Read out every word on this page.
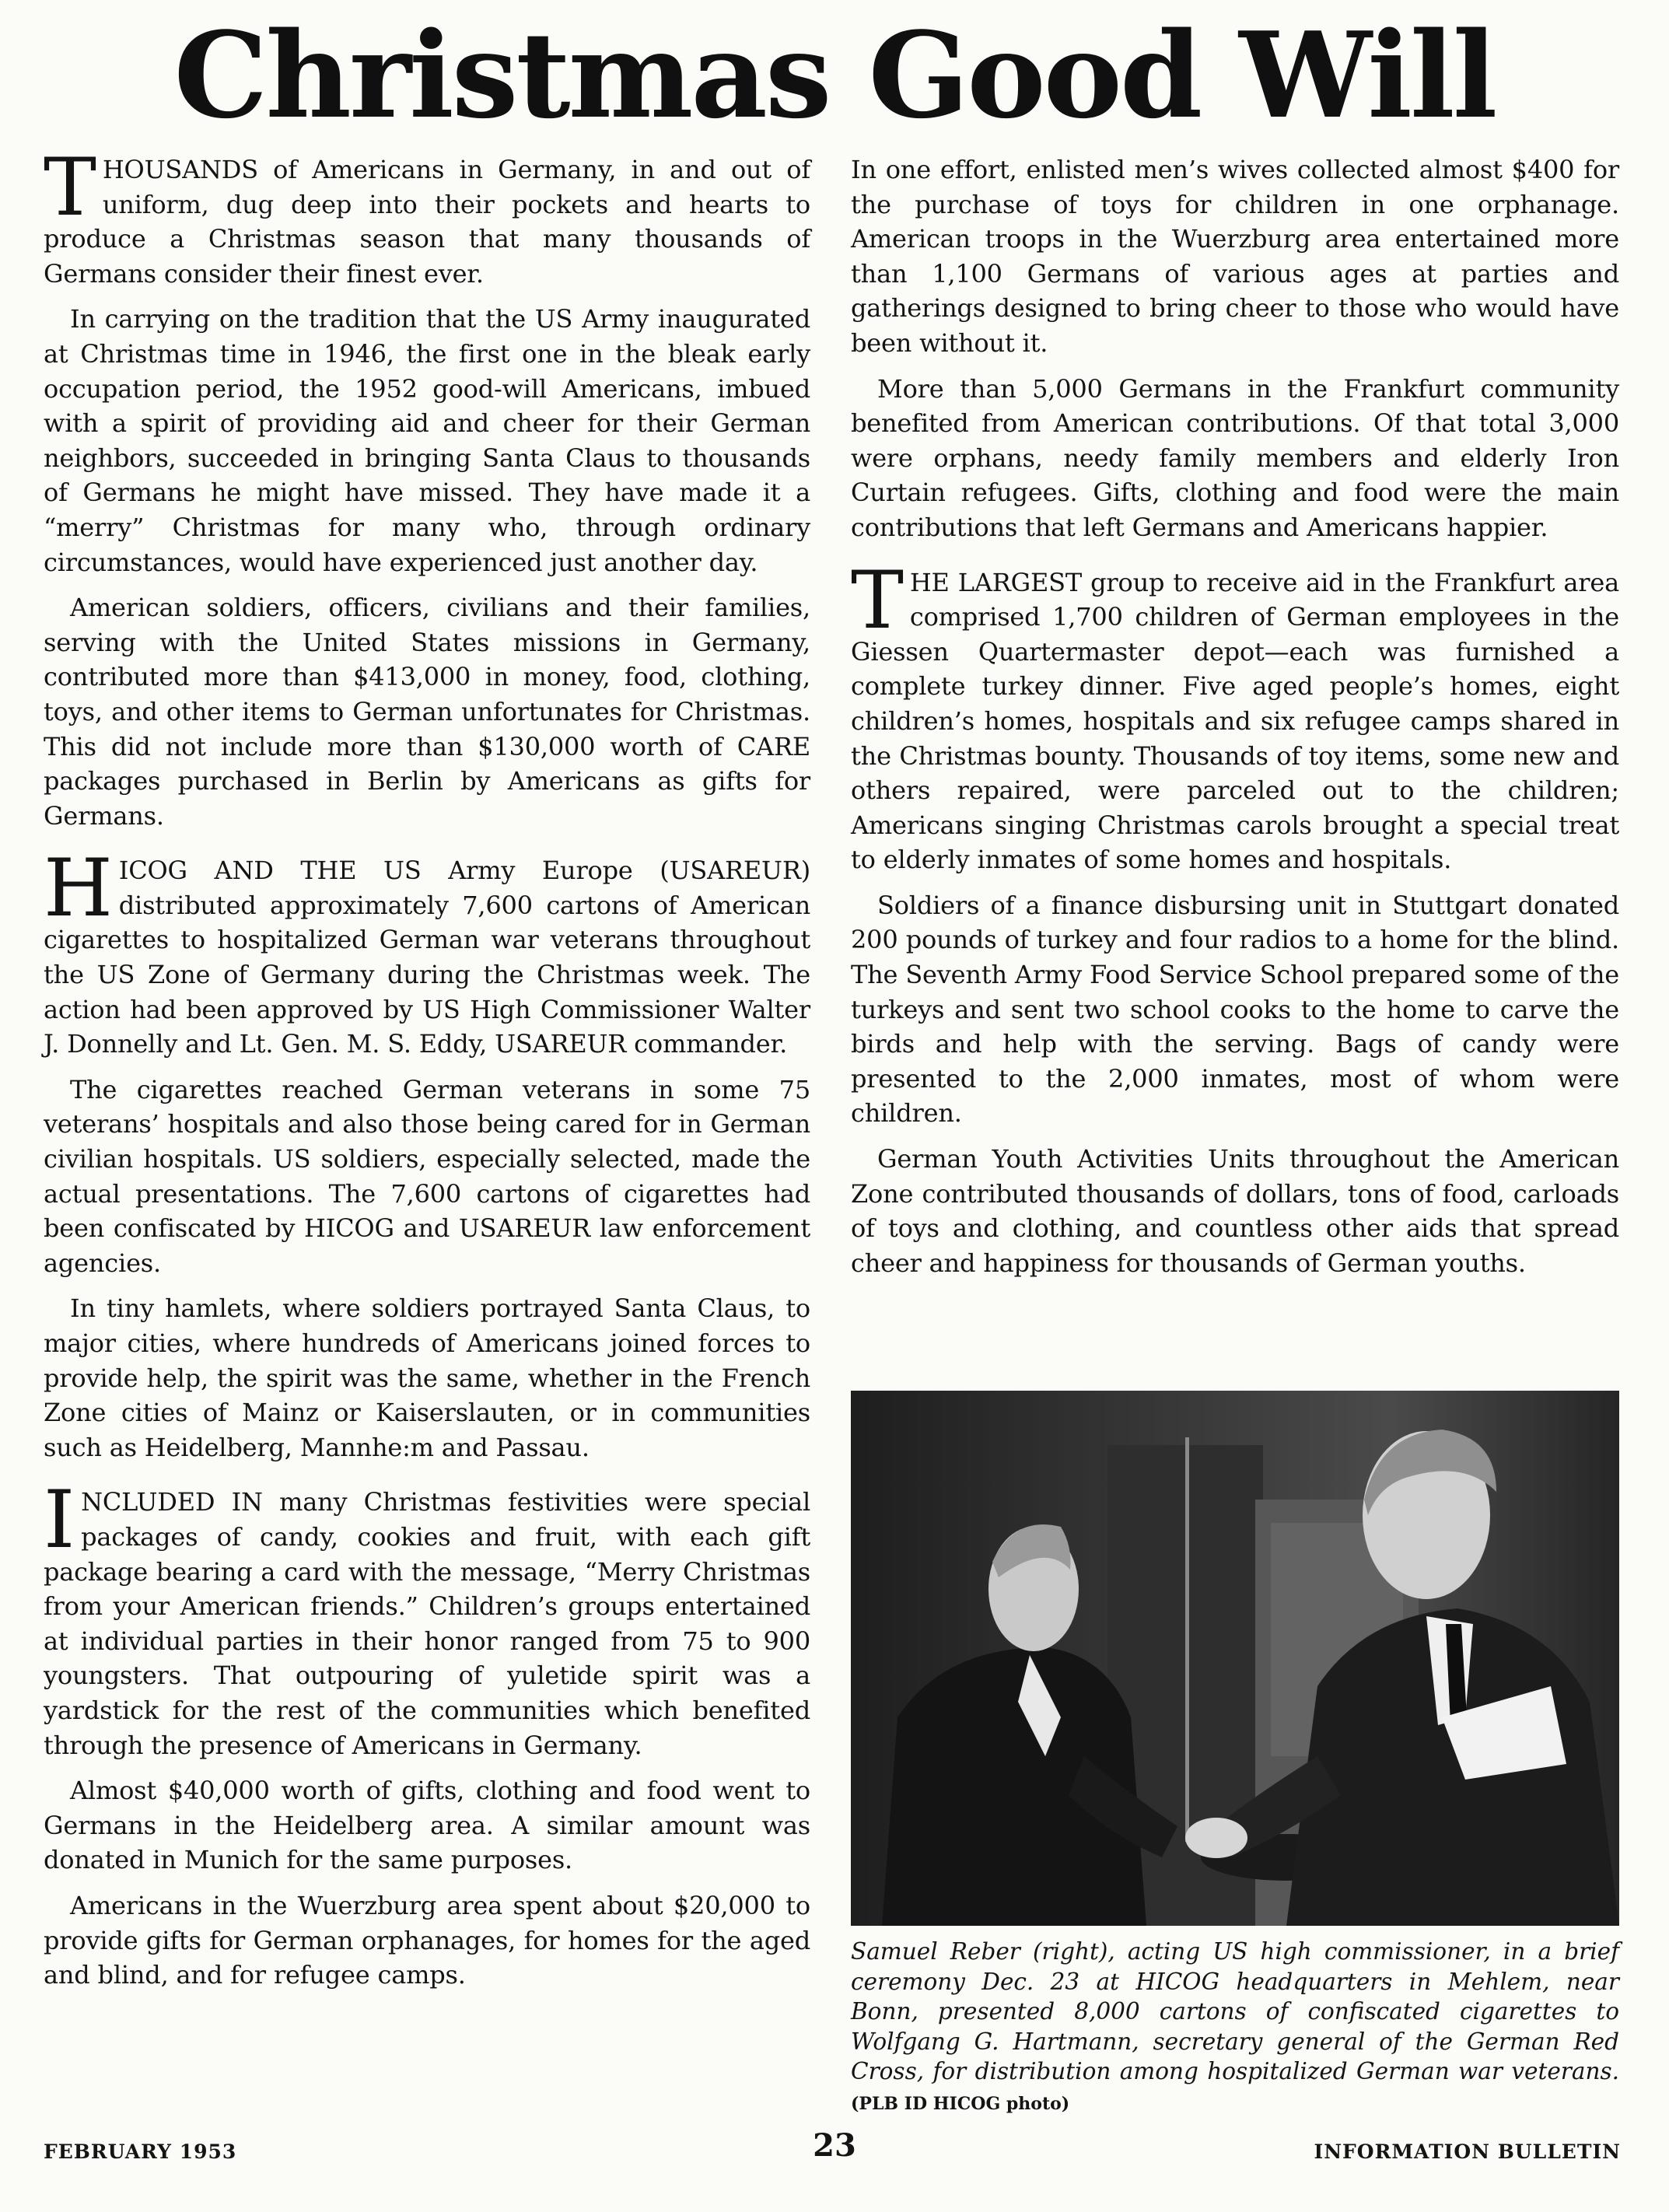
Christmas Good Will

THOUSANDS of Americans in Germany, in and out of uniform, dug deep into their pockets and hearts to produce a Christmas season that many thousands of Germans consider their finest ever.

In carrying on the tradition that the US Army inaugurated at Christmas time in 1946, the first one in the bleak early occupation period, the 1952 good-will Americans, imbued with a spirit of providing aid and cheer for their German neighbors, succeeded in bringing Santa Claus to thousands of Germans he might have missed. They have made it a “merry” Christmas for many who, through ordinary circumstances, would have experienced just another day.

American soldiers, officers, civilians and their families, serving with the United States missions in Germany, contributed more than $413,000 in money, food, clothing, toys, and other items to German unfortunates for Christmas. This did not include more than $130,000 worth of CARE packages purchased in Berlin by Americans as gifts for Germans.

HICOG AND THE US Army Europe (USAREUR) distributed approximately 7,600 cartons of American cigarettes to hospitalized German war veterans throughout the US Zone of Germany during the Christmas week. The action had been approved by US High Commissioner Walter J. Donnelly and Lt. Gen. M. S. Eddy, USAREUR commander.

The cigarettes reached German veterans in some 75 veterans’ hospitals and also those being cared for in German civilian hospitals. US soldiers, especially selected, made the actual presentations. The 7,600 cartons of cigarettes had been confiscated by HICOG and USAREUR law enforcement agencies.

In tiny hamlets, where soldiers portrayed Santa Claus, to major cities, where hundreds of Americans joined forces to provide help, the spirit was the same, whether in the French Zone cities of Mainz or Kaiserslauten, or in communities such as Heidelberg, Mannhe:m and Passau.

INCLUDED IN many Christmas festivities were special packages of candy, cookies and fruit, with each gift package bearing a card with the message, “Merry Christmas from your American friends.” Children’s groups entertained at individual parties in their honor ranged from 75 to 900 youngsters. That outpouring of yuletide spirit was a yardstick for the rest of the communities which benefited through the presence of Americans in Germany.

Almost $40,000 worth of gifts, clothing and food went to Germans in the Heidelberg area. A similar amount was donated in Munich for the same purposes.

Americans in the Wuerzburg area spent about $20,000 to provide gifts for German orphanages, for homes for the aged and blind, and for refugee camps.

In one effort, enlisted men’s wives collected almost $400 for the purchase of toys for children in one orphanage. American troops in the Wuerzburg area entertained more than 1,100 Germans of various ages at parties and gatherings designed to bring cheer to those who would have been without it.

More than 5,000 Germans in the Frankfurt community benefited from American contributions. Of that total 3,000 were orphans, needy family members and elderly Iron Curtain refugees. Gifts, clothing and food were the main contributions that left Germans and Americans happier.

THE LARGEST group to receive aid in the Frankfurt area comprised 1,700 children of German employees in the Giessen Quartermaster depot—each was furnished a complete turkey dinner. Five aged people’s homes, eight children’s homes, hospitals and six refugee camps shared in the Christmas bounty. Thousands of toy items, some new and others repaired, were parceled out to the children; Americans singing Christmas carols brought a special treat to elderly inmates of some homes and hospitals.

Soldiers of a finance disbursing unit in Stuttgart donated 200 pounds of turkey and four radios to a home for the blind. The Seventh Army Food Service School prepared some of the turkeys and sent two school cooks to the home to carve the birds and help with the serving. Bags of candy were presented to the 2,000 inmates, most of whom were children.

German Youth Activities Units throughout the American Zone contributed thousands of dollars, tons of food, carloads of toys and clothing, and countless other aids that spread cheer and happiness for thousands of German youths.

Samuel Reber (right), acting US high commissioner, in a brief ceremony Dec. 23 at HICOG headquarters in Mehlem, near Bonn, presented 8,000 cartons of confiscated cigarettes to Wolfgang G. Hartmann, secretary general of the German Red Cross, for distribution among hospitalized German war veterans. (PLB ID HICOG photo)

FEBRUARY 1953	23	INFORMATION BULLETIN
